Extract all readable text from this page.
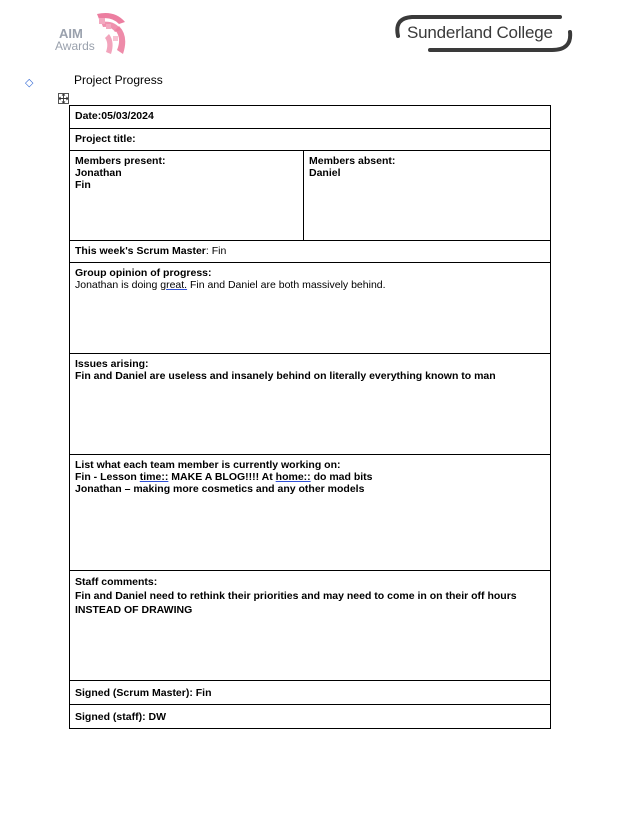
AIM
Awards
Sunderland College
◇	Project Progress
Date:05/03/2024
Project title:
Members present:
Jonathan
Fin
Members absent:
Daniel
This week's Scrum Master: Fin
Group opinion of progress:
Jonathan is doing great. Fin and Daniel are both massively behind.
Issues arising:
Fin and Daniel are useless and insanely behind on literally everything known to man
List what each team member is currently working on:
Fin - Lesson time:: MAKE A BLOG!!!! At home:: do mad bits
Jonathan – making more cosmetics and any other models
Staff comments:
Fin and Daniel need to rethink their priorities and may need to come in on their off hours
INSTEAD OF DRAWING
Signed (Scrum Master): Fin
Signed (staff): DW
